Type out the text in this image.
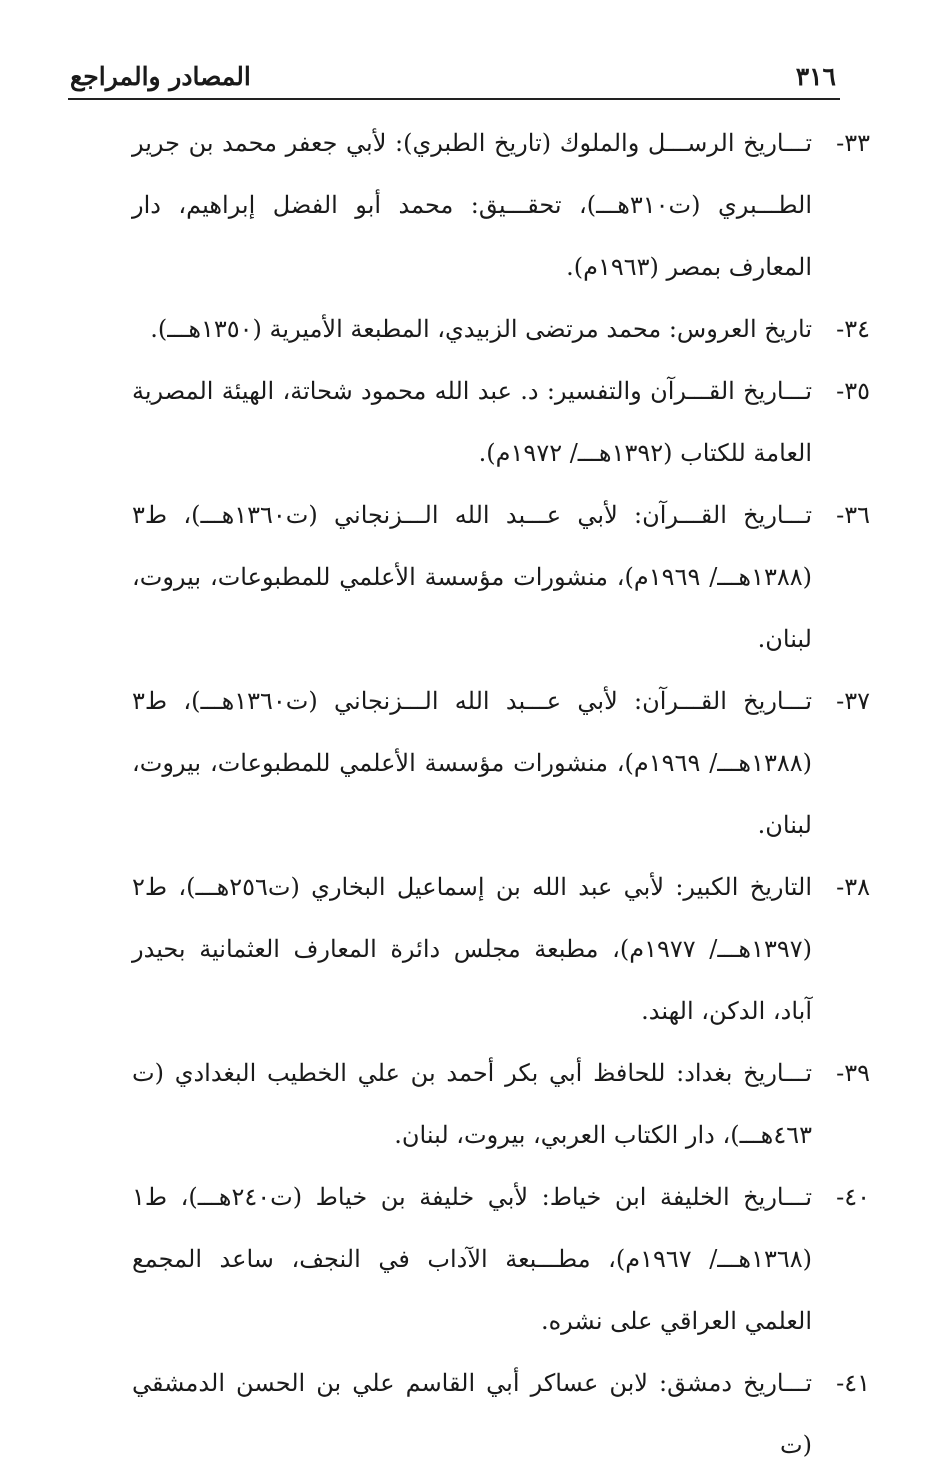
٣١٦
المصادر والمراجع
٣٣-
تـــاريخ الرســـل والملوك (تاريخ الطبري): لأبي جعفر محمد بن جرير الطـــبري (ت٣١٠هـــ)، تحقـــيق: محمد أبو الفضل إبراهيم، دار المعارف بمصر (١٩٦٣م).
٣٤-
تاريخ العروس: محمد مرتضى الزبيدي، المطبعة الأميرية (١٣٥٠هـــ).
٣٥-
تـــاريخ القـــرآن والتفسير: د. عبد الله محمود شحاتة، الهيئة المصرية العامة للكتاب (١٣٩٢هـــ/ ١٩٧٢م).
٣٦-
تـــاريخ القـــرآن: لأبي عـــبد الله الـــزنجاني (ت١٣٦٠هـــ)، ط٣ (١٣٨٨هـــ/ ١٩٦٩م)، منشورات مؤسسة الأعلمي للمطبوعات، بيروت، لبنان.
٣٧-
تـــاريخ القـــرآن: لأبي عـــبد الله الـــزنجاني (ت١٣٦٠هـــ)، ط٣ (١٣٨٨هـــ/ ١٩٦٩م)، منشورات مؤسسة الأعلمي للمطبوعات، بيروت، لبنان.
٣٨-
التاريخ الكبير: لأبي عبد الله بن إسماعيل البخاري (ت٢٥٦هـــ)، ط٢ (١٣٩٧هـــ/ ١٩٧٧م)، مطبعة مجلس دائرة المعارف العثمانية بحيدر آباد، الدكن، الهند.
٣٩-
تـــاريخ بغداد: للحافظ أبي بكر أحمد بن علي الخطيب البغدادي (ت ٤٦٣هـــ)، دار الكتاب العربي، بيروت، لبنان.
٤٠-
تـــاريخ الخليفة ابن خياط: لأبي خليفة بن خياط (ت٢٤٠هـــ)، ط١ (١٣٦٨هـــ/ ١٩٦٧م)، مطـــبعة الآداب في النجف، ساعد المجمع العلمي العراقي على نشره.
٤١-
تـــاريخ دمشق: لابن عساكر أبي القاسم علي بن الحسن الدمشقي (ت
